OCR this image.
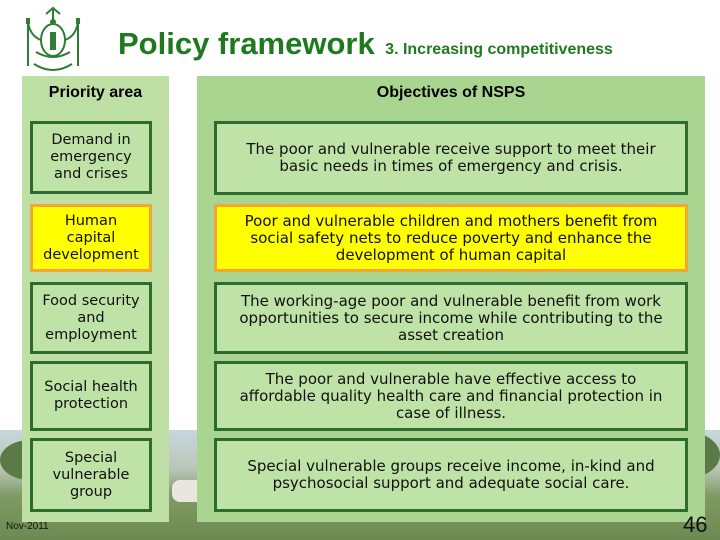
Policy framework 3. Increasing competitiveness
Priority area	Objectives of NSPS
Demand in emergency and crises
The poor and vulnerable receive support to meet their basic needs in times of emergency and crisis.
Human capital development
Poor and vulnerable children and mothers benefit from social safety nets to reduce poverty and enhance the development of human capital
Food security and employment
The working-age poor and vulnerable benefit from work opportunities to secure income while contributing to the asset creation
Social health protection
The poor and vulnerable have effective access to affordable quality health care and financial protection in case of illness.
Special vulnerable group
Special vulnerable groups receive income, in-kind and psychosocial support and adequate social care.
Nov-2011	46
